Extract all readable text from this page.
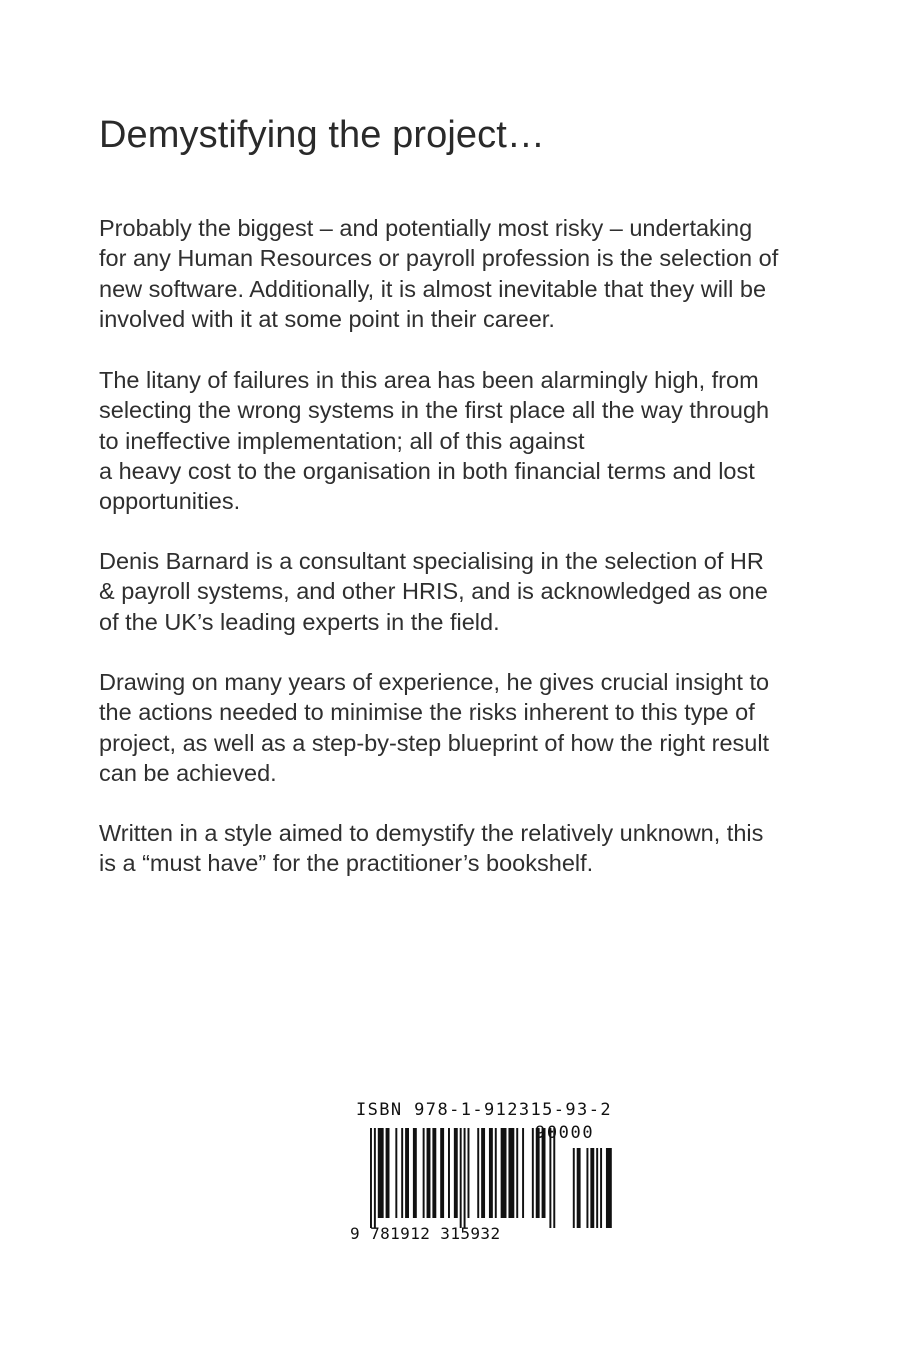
Demystifying the project…

Probably the biggest – and potentially most risky – undertaking
for any Human Resources or payroll profession is the selection of
new software. Additionally, it is almost inevitable that they will be
involved with it at some point in their career.

The litany of failures in this area has been alarmingly high, from
selecting the wrong systems in the first place all the way through
to ineffective implementation; all of this against
a heavy cost to the organisation in both financial terms and lost
opportunities.

Denis Barnard is a consultant specialising in the selection of HR
& payroll systems, and other HRIS, and is acknowledged as one
of the UK’s leading experts in the field.

Drawing on many years of experience, he gives crucial insight to
the actions needed to minimise the risks inherent to this type of
project, as well as a step-by-step blueprint of how the right result
can be achieved.

Written in a style aimed to demystify the relatively unknown, this
is a “must have” for the practitioner’s bookshelf.

ISBN 978-1-912315-93-2
90000
9 781912 315932
